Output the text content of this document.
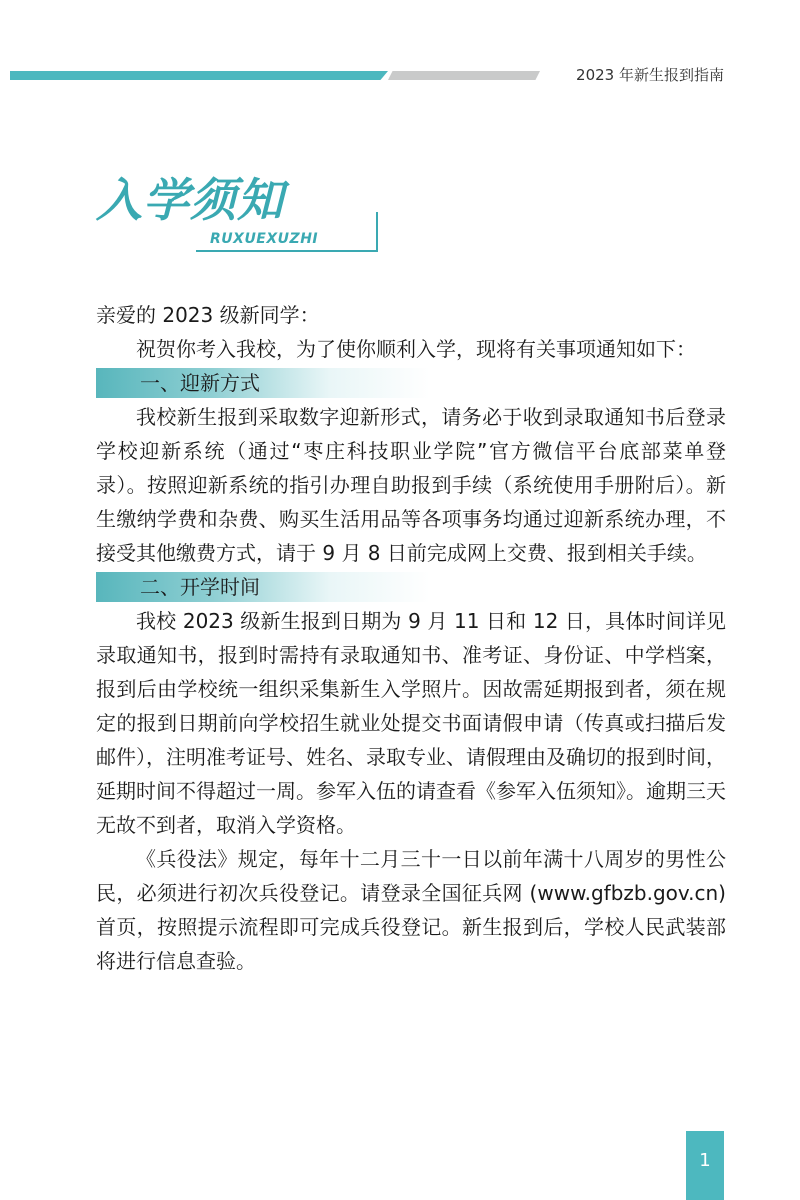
2023 年新生报到指南
入学须知
RUXUEXUZHI

亲爱的 2023 级新同学：

祝贺你考入我校，为了使你顺利入学，现将有关事项通知如下：

一、迎新方式

我校新生报到采取数字迎新形式，请务必于收到录取通知书后登录学校迎新系统（通过“枣庄科技职业学院”官方微信平台底部菜单登录）。按照迎新系统的指引办理自助报到手续（系统使用手册附后）。新生缴纳学费和杂费、购买生活用品等各项事务均通过迎新系统办理，不接受其他缴费方式，请于 9 月 8 日前完成网上交费、报到相关手续。

二、开学时间

我校 2023 级新生报到日期为 9 月 11 日和 12 日，具体时间详见录取通知书，报到时需持有录取通知书、准考证、身份证、中学档案，报到后由学校统一组织采集新生入学照片。因故需延期报到者，须在规定的报到日期前向学校招生就业处提交书面请假申请（传真或扫描后发邮件），注明准考证号、姓名、录取专业、请假理由及确切的报到时间，延期时间不得超过一周。参军入伍的请查看《参军入伍须知》。逾期三天无故不到者，取消入学资格。

《兵役法》规定，每年十二月三十一日以前年满十八周岁的男性公民，必须进行初次兵役登记。请登录全国征兵网 (www.gfbzb.gov.cn) 首页，按照提示流程即可完成兵役登记。新生报到后，学校人民武装部将进行信息查验。

1
